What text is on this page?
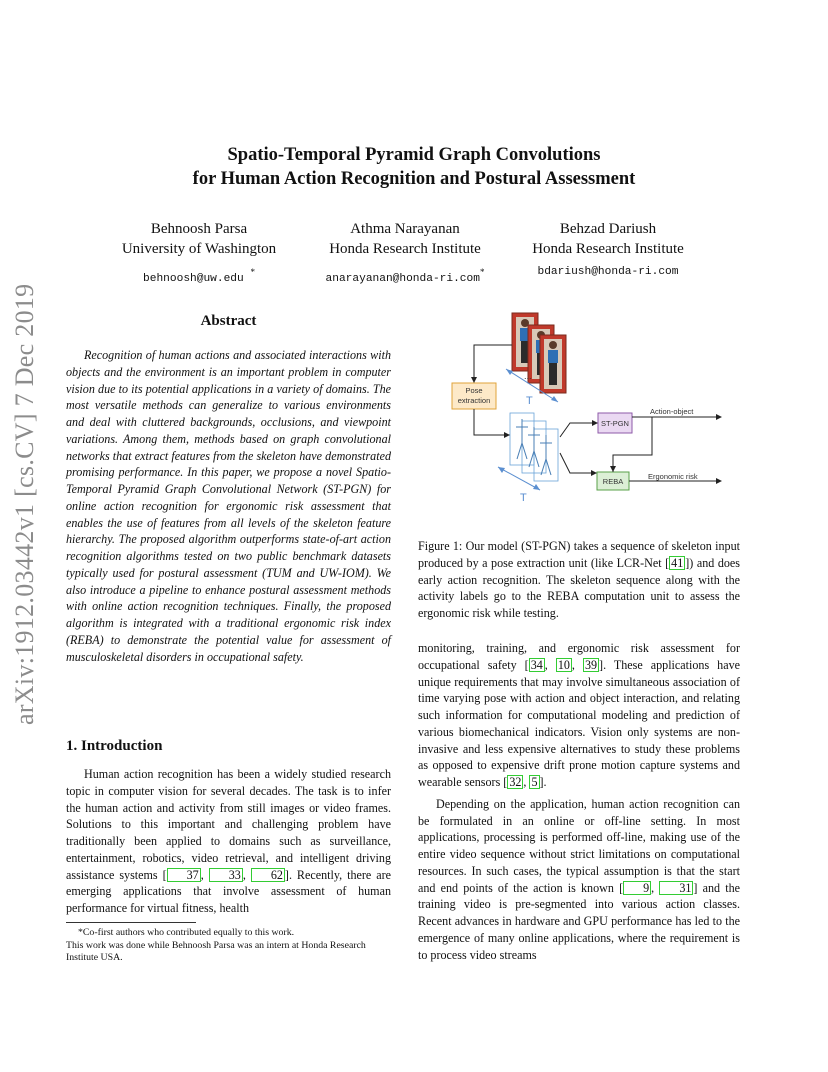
arXiv:1912.03442v1 [cs.CV] 7 Dec 2019
Spatio-Temporal Pyramid Graph Convolutions
for Human Action Recognition and Postural Assessment
Behnoosh Parsa
University of Washington
behnoosh@uw.edu *
Athma Narayanan
Honda Research Institute
anarayanan@honda-ri.com*
Behzad Dariush
Honda Research Institute
bdariush@honda-ri.com
Abstract
Recognition of human actions and associated interactions with objects and the environment is an important problem in computer vision due to its potential applications in a variety of domains. The most versatile methods can generalize to various environments and deal with cluttered backgrounds, occlusions, and viewpoint variations. Among them, methods based on graph convolutional networks that extract features from the skeleton have demonstrated promising performance. In this paper, we propose a novel Spatio-Temporal Pyramid Graph Convolutional Network (ST-PGN) for online action recognition for ergonomic risk assessment that enables the use of features from all levels of the skeleton feature hierarchy. The proposed algorithm outperforms state-of-art action recognition algorithms tested on two public benchmark datasets typically used for postural assessment (TUM and UW-IOM). We also introduce a pipeline to enhance postural assessment methods with online action recognition techniques. Finally, the proposed algorithm is integrated with a traditional ergonomic risk index (REBA) to demonstrate the potential value for assessment of musculoskeletal disorders in occupational safety.
1. Introduction
Human action recognition has been a widely studied research topic in computer vision for several decades. The task is to infer the human action and activity from still images or video frames. Solutions to this important and challenging problem have traditionally been applied to domains such as surveillance, entertainment, robotics, video retrieval, and intelligent driving assistance systems [ 37 , 33 , 62 ]. Recently, there are emerging applications that involve assessment of human performance for virtual fitness, health
*Co-first authors who contributed equally to this work.
This work was done while Behnoosh Parsa was an intern at Honda Research Institute USA.
...
T
Pose
extraction
T
ST-PGN
REBA
Action-object
Ergonomic risk
Figure 1: Our model (ST-PGN) takes a sequence of skeleton input produced by a pose extraction unit (like LCR-Net [ 41 ]) and does early action recognition. The skeleton sequence along with the activity labels go to the REBA computation unit to assess the ergonomic risk while testing.

monitoring, training, and ergonomic risk assessment for occupational safety [ 34 , 10 , 39 ]. These applications have unique requirements that may involve simultaneous association of time varying pose with action and object interaction, and relating such information for computational modeling and prediction of various biomechanical indicators. Vision only systems are non-invasive and less expensive alternatives to study these problems as opposed to expensive drift prone motion capture systems and wearable sensors [ 32 , 5 ].

Depending on the application, human action recognition can be formulated in an online or off-line setting. In most applications, processing is performed off-line, making use of the entire video sequence without strict limitations on computational resources. In such cases, the typical assumption is that the start and end points of the action is known [ 9 , 31 ] and the training video is pre-segmented into various action classes. Recent advances in hardware and GPU performance has led to the emergence of many online applications, where the requirement is to process video streams
